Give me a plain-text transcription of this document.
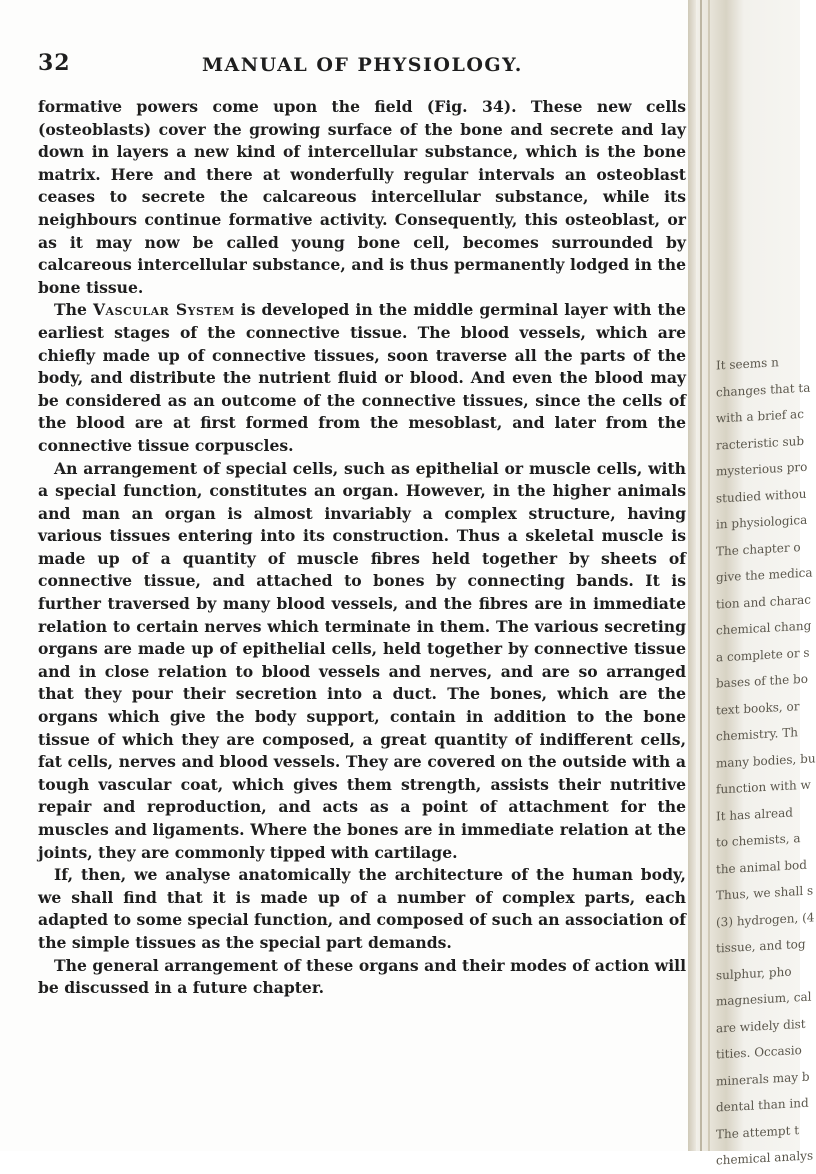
32	MANUAL OF PHYSIOLOGY.

formative powers come upon the field (Fig. 34). These new cells (osteoblasts) cover the growing surface of the bone and secrete and lay down in layers a new kind of intercellular substance, which is the bone matrix. Here and there at wonderfully regular intervals an osteoblast ceases to secrete the calcareous intercellular substance, while its neighbours continue formative activity. Consequently, this osteoblast, or as it may now be called young bone cell, becomes surrounded by calcareous intercellular substance, and is thus permanently lodged in the bone tissue.

The Vascular System is developed in the middle germinal layer with the earliest stages of the connective tissue. The blood vessels, which are chiefly made up of connective tissues, soon traverse all the parts of the body, and distribute the nutrient fluid or blood. And even the blood may be considered as an outcome of the connective tissues, since the cells of the blood are at first formed from the mesoblast, and later from the connective tissue corpuscles.

An arrangement of special cells, such as epithelial or muscle cells, with a special function, constitutes an organ. However, in the higher animals and man an organ is almost invariably a complex structure, having various tissues entering into its construction. Thus a skeletal muscle is made up of a quantity of muscle fibres held together by sheets of connective tissue, and attached to bones by connecting bands. It is further traversed by many blood vessels, and the fibres are in immediate relation to certain nerves which terminate in them. The various secreting organs are made up of epithelial cells, held together by connective tissue and in close relation to blood vessels and nerves, and are so arranged that they pour their secretion into a duct. The bones, which are the organs which give the body support, contain in addition to the bone tissue of which they are composed, a great quantity of indifferent cells, fat cells, nerves and blood vessels. They are covered on the outside with a tough vascular coat, which gives them strength, assists their nutritive repair and reproduction, and acts as a point of attachment for the muscles and ligaments. Where the bones are in immediate relation at the joints, they are commonly tipped with cartilage.

If, then, we analyse anatomically the architecture of the human body, we shall find that it is made up of a number of complex parts, each adapted to some special function, and composed of such an association of the simple tissues as the special part demands.

The general arrangement of these organs and their modes of action will be discussed in a future chapter.

It seems n
changes that ta
with a brief ac
racteristic sub
mysterious pro
studied withou
in physiologica
The chapter o
give the medica
tion and charac
chemical chang
a complete or s
bases of the bo
text books, or
chemistry. Th
many bodies, bu
function with w
It has alread
to chemists, a
the animal bod
Thus, we shall s
(3) hydrogen, (4
tissue, and tog
sulphur, pho
magnesium, cal
are widely dist
tities. Occasio
minerals may b
dental than ind
The attempt t
chemical analys
